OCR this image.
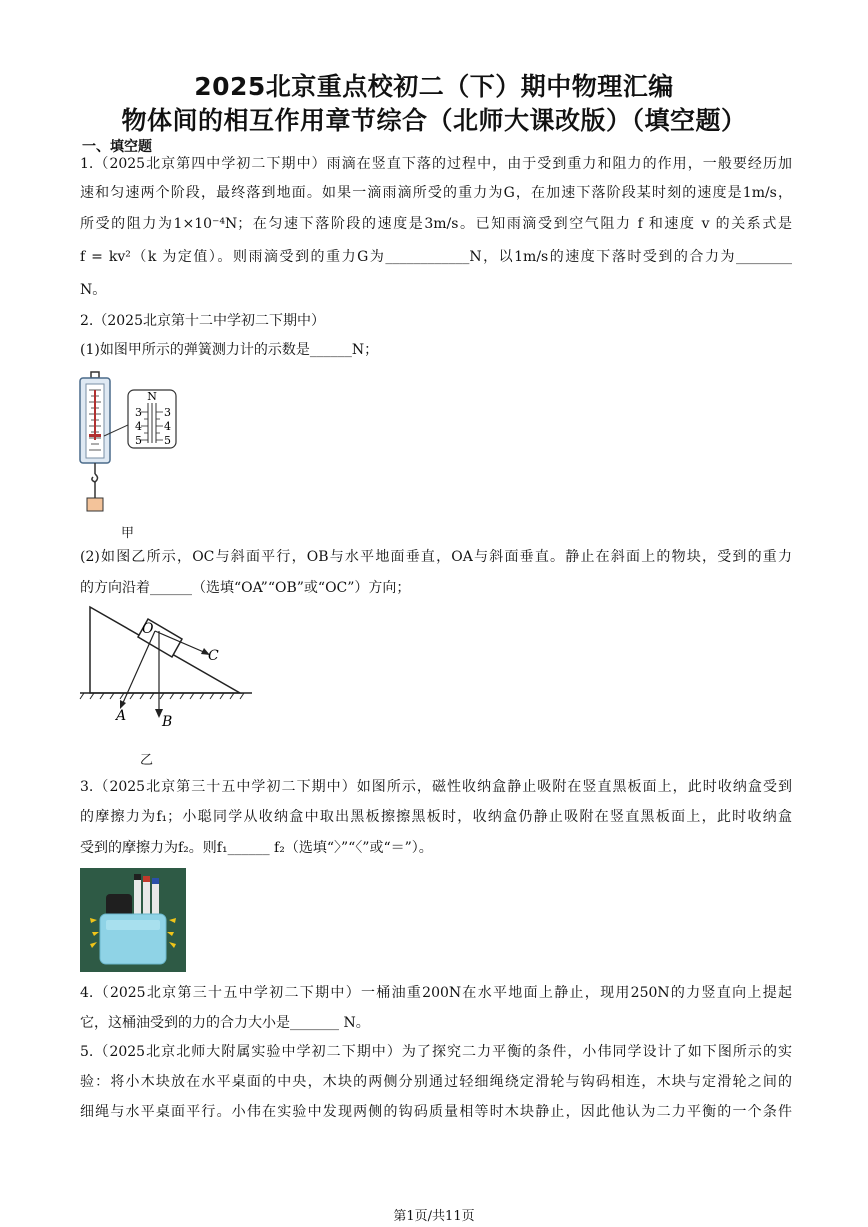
2025北京重点校初二（下）期中物理汇编
物体间的相互作用章节综合（北师大课改版）（填空题）
一、填空题
1.（2025北京第四中学初二下期中）雨滴在竖直下落的过程中，由于受到重力和阻力的作用，一般要经历加
速和匀速两个阶段，最终落到地面。如果一滴雨滴所受的重力为G，在加速下落阶段某时刻的速度是1m/s，
所受的阻力为1×10⁻⁴N；在匀速下落阶段的速度是3m/s。已知雨滴受到空气阻力 f 和速度 v 的关系式是
f = kv²（k 为定值）。则雨滴受到的重力G为____________N，以1m/s的速度下落时受到的合力为________
N。
2.（2025北京第十二中学初二下期中）
(1)如图甲所示的弹簧测力计的示数是______N；
N
3
4
5
3
4
5
甲
(2)如图乙所示，OC与斜面平行，OB与水平地面垂直，OA与斜面垂直。静止在斜面上的物块，受到的重力
的方向沿着______（选填“OA”“OB”或“OC”）方向；
O
C
A	B
乙
3.（2025北京第三十五中学初二下期中）如图所示，磁性收纳盒静止吸附在竖直黑板面上，此时收纳盒受到
的摩擦力为f₁；小聪同学从收纳盒中取出黑板擦擦黑板时，收纳盒仍静止吸附在竖直黑板面上，此时收纳盒
受到的摩擦力为f₂。则f₁______ f₂（选填“〉”“〈”或“＝”）。
4.（2025北京第三十五中学初二下期中）一桶油重200N在水平地面上静止，现用250N的力竖直向上提起
它，这桶油受到的力的合力大小是_______ N。
5.（2025北京北师大附属实验中学初二下期中）为了探究二力平衡的条件，小伟同学设计了如下图所示的实
验：将小木块放在水平桌面的中央，木块的两侧分别通过轻细绳绕定滑轮与钩码相连，木块与定滑轮之间的
细绳与水平桌面平行。小伟在实验中发现两侧的钩码质量相等时木块静止，因此他认为二力平衡的一个条件
第1页/共11页
